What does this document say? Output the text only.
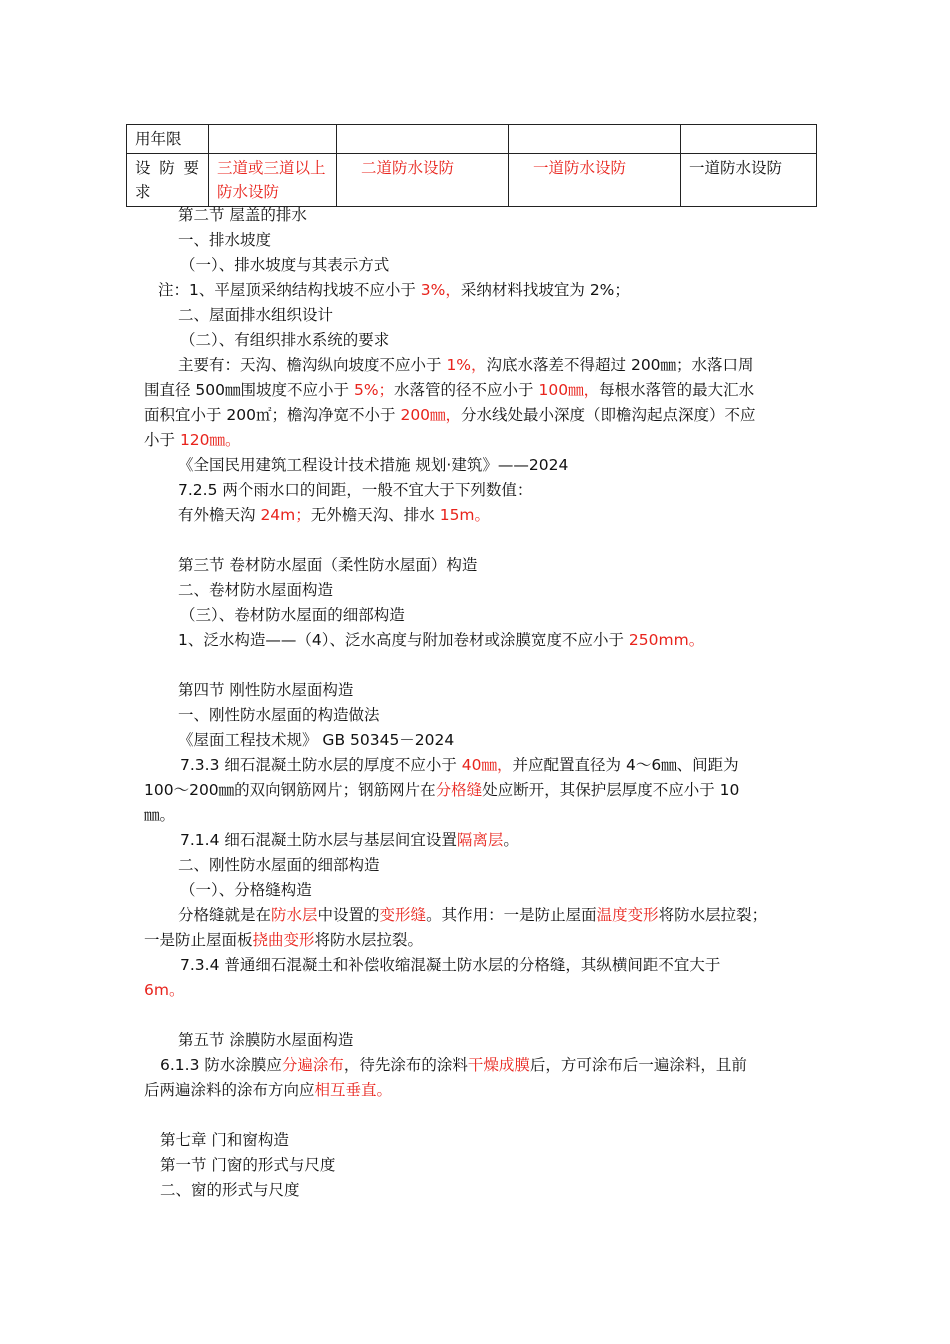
用年限				
设 防 要 求	三道或三道以上防水设防	二道防水设防	一道防水设防	一道防水设防
第二节 屋盖的排水
一、排水坡度
（一）、排水坡度与其表示方式
注：1、平屋顶采纳结构找坡不应小于 3%，采纳材料找坡宜为 2%；
二、屋面排水组织设计
（二）、有组织排水系统的要求
主要有：天沟、檐沟纵向坡度不应小于 1%，沟底水落差不得超过 200㎜；水落口周
围直径 500㎜围坡度不应小于 5%；水落管的径不应小于 100㎜，每根水落管的最大汇水
面积宜小于 200㎡；檐沟净宽不小于 200㎜，分水线处最小深度（即檐沟起点深度）不应
小于 120㎜。
《全国民用建筑工程设计技术措施 规划·建筑》——2024
7.2.5 两个雨水口的间距，一般不宜大于下列数值：
有外檐天沟 24m；无外檐天沟、排水 15m。
第三节 卷材防水屋面（柔性防水屋面）构造
二、卷材防水屋面构造
（三）、卷材防水屋面的细部构造
1、泛水构造——（4）、泛水高度与附加卷材或涂膜宽度不应小于 250mm。
第四节 刚性防水屋面构造
一、刚性防水屋面的构造做法
《屋面工程技术规》 GB 50345－2024
7.3.3 细石混凝土防水层的厚度不应小于 40㎜，并应配置直径为 4～6㎜、间距为
100～200㎜的双向钢筋网片；钢筋网片在分格缝处应断开，其保护层厚度不应小于 10
㎜。
7.1.4 细石混凝土防水层与基层间宜设置隔离层。
二、刚性防水屋面的细部构造
（一）、分格缝构造
分格缝就是在防水层中设置的变形缝。其作用：一是防止屋面温度变形将防水层拉裂；
一是防止屋面板挠曲变形将防水层拉裂。
7.3.4 普通细石混凝土和补偿收缩混凝土防水层的分格缝，其纵横间距不宜大于
6m。
第五节 涂膜防水屋面构造
6.1.3 防水涂膜应分遍涂布，待先涂布的涂料干燥成膜后，方可涂布后一遍涂料，且前
后两遍涂料的涂布方向应相互垂直。
第七章 门和窗构造
第一节 门窗的形式与尺度
二、窗的形式与尺度
